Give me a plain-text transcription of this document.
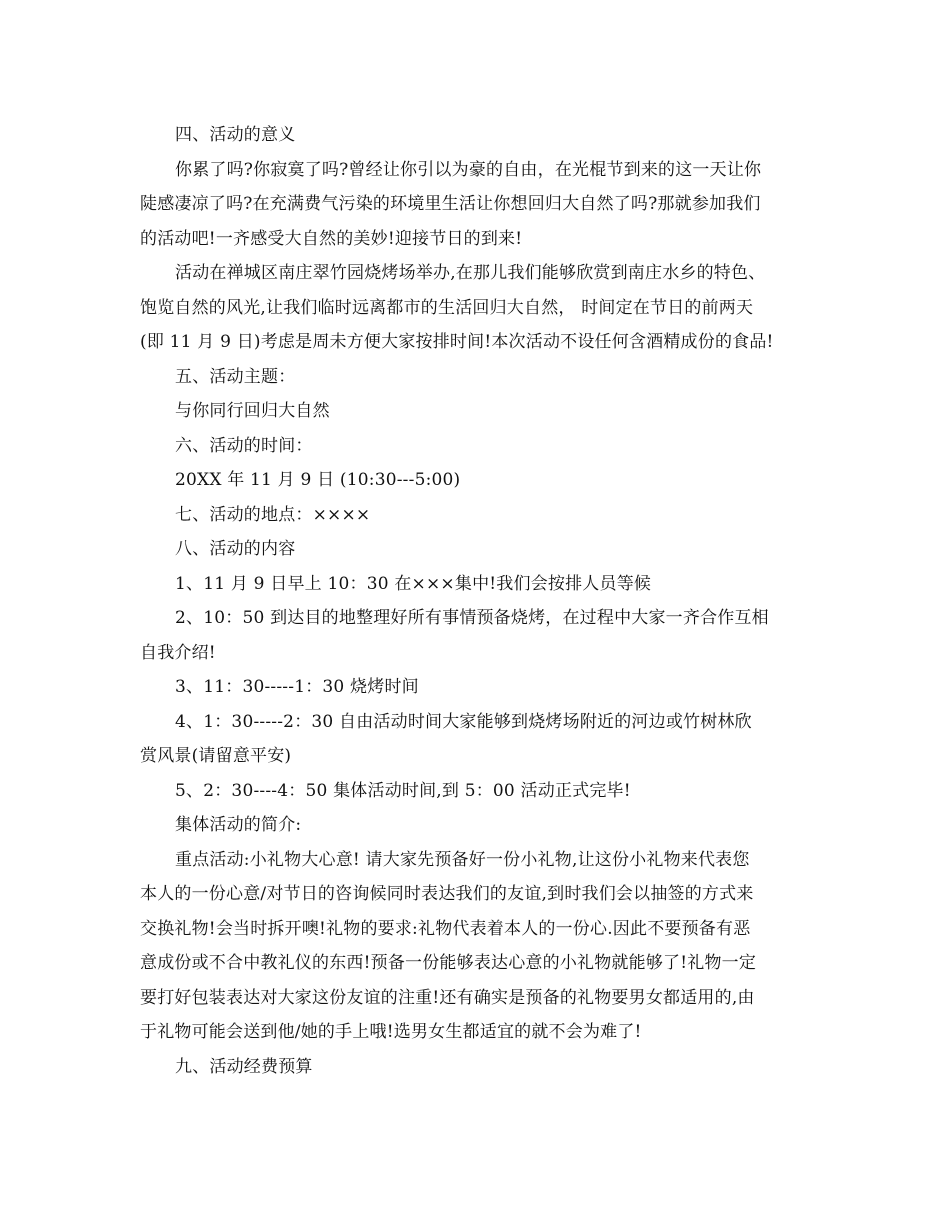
四、活动的意义
你累了吗?你寂寞了吗?曾经让你引以为豪的自由，在光棍节到来的这一天让你
陡感凄凉了吗?在充满费气污染的环境里生活让你想回归大自然了吗?那就参加我们
的活动吧!一齐感受大自然的美妙!迎接节日的到来!
活动在禅城区南庄翠竹园烧烤场举办,在那儿我们能够欣赏到南庄水乡的特色、
饱览自然的风光,让我们临时远离都市的生活回归大自然， 时间定在节日的前两天
(即 11 月 9 日)考虑是周未方便大家按排时间!本次活动不设任何含酒精成份的食品!
五、活动主题：
与你同行回归大自然
六、活动的时间：
20XX 年 11 月 9 日 (10:30---5:00)
七、活动的地点：××××
八、活动的内容
1、11 月 9 日早上 10：30 在×××集中!我们会按排人员等候
2、10：50 到达目的地整理好所有事情预备烧烤，在过程中大家一齐合作互相
自我介绍!
3、11：30-----1：30 烧烤时间
4、1：30-----2：30 自由活动时间大家能够到烧烤场附近的河边或竹树林欣
赏风景(请留意平安)
5、2：30----4：50 集体活动时间,到 5：00 活动正式完毕!
集体活动的简介:
重点活动:小礼物大心意! 请大家先预备好一份小礼物,让这份小礼物来代表您
本人的一份心意/对节日的咨询候同时表达我们的友谊,到时我们会以抽签的方式来
交换礼物!会当时拆开噢!礼物的要求:礼物代表着本人的一份心.因此不要预备有恶
意成份或不合中教礼仪的东西!预备一份能够表达心意的小礼物就能够了!礼物一定
要打好包装表达对大家这份友谊的注重!还有确实是预备的礼物要男女都适用的,由
于礼物可能会送到他/她的手上哦!选男女生都适宜的就不会为难了!
九、活动经费预算
